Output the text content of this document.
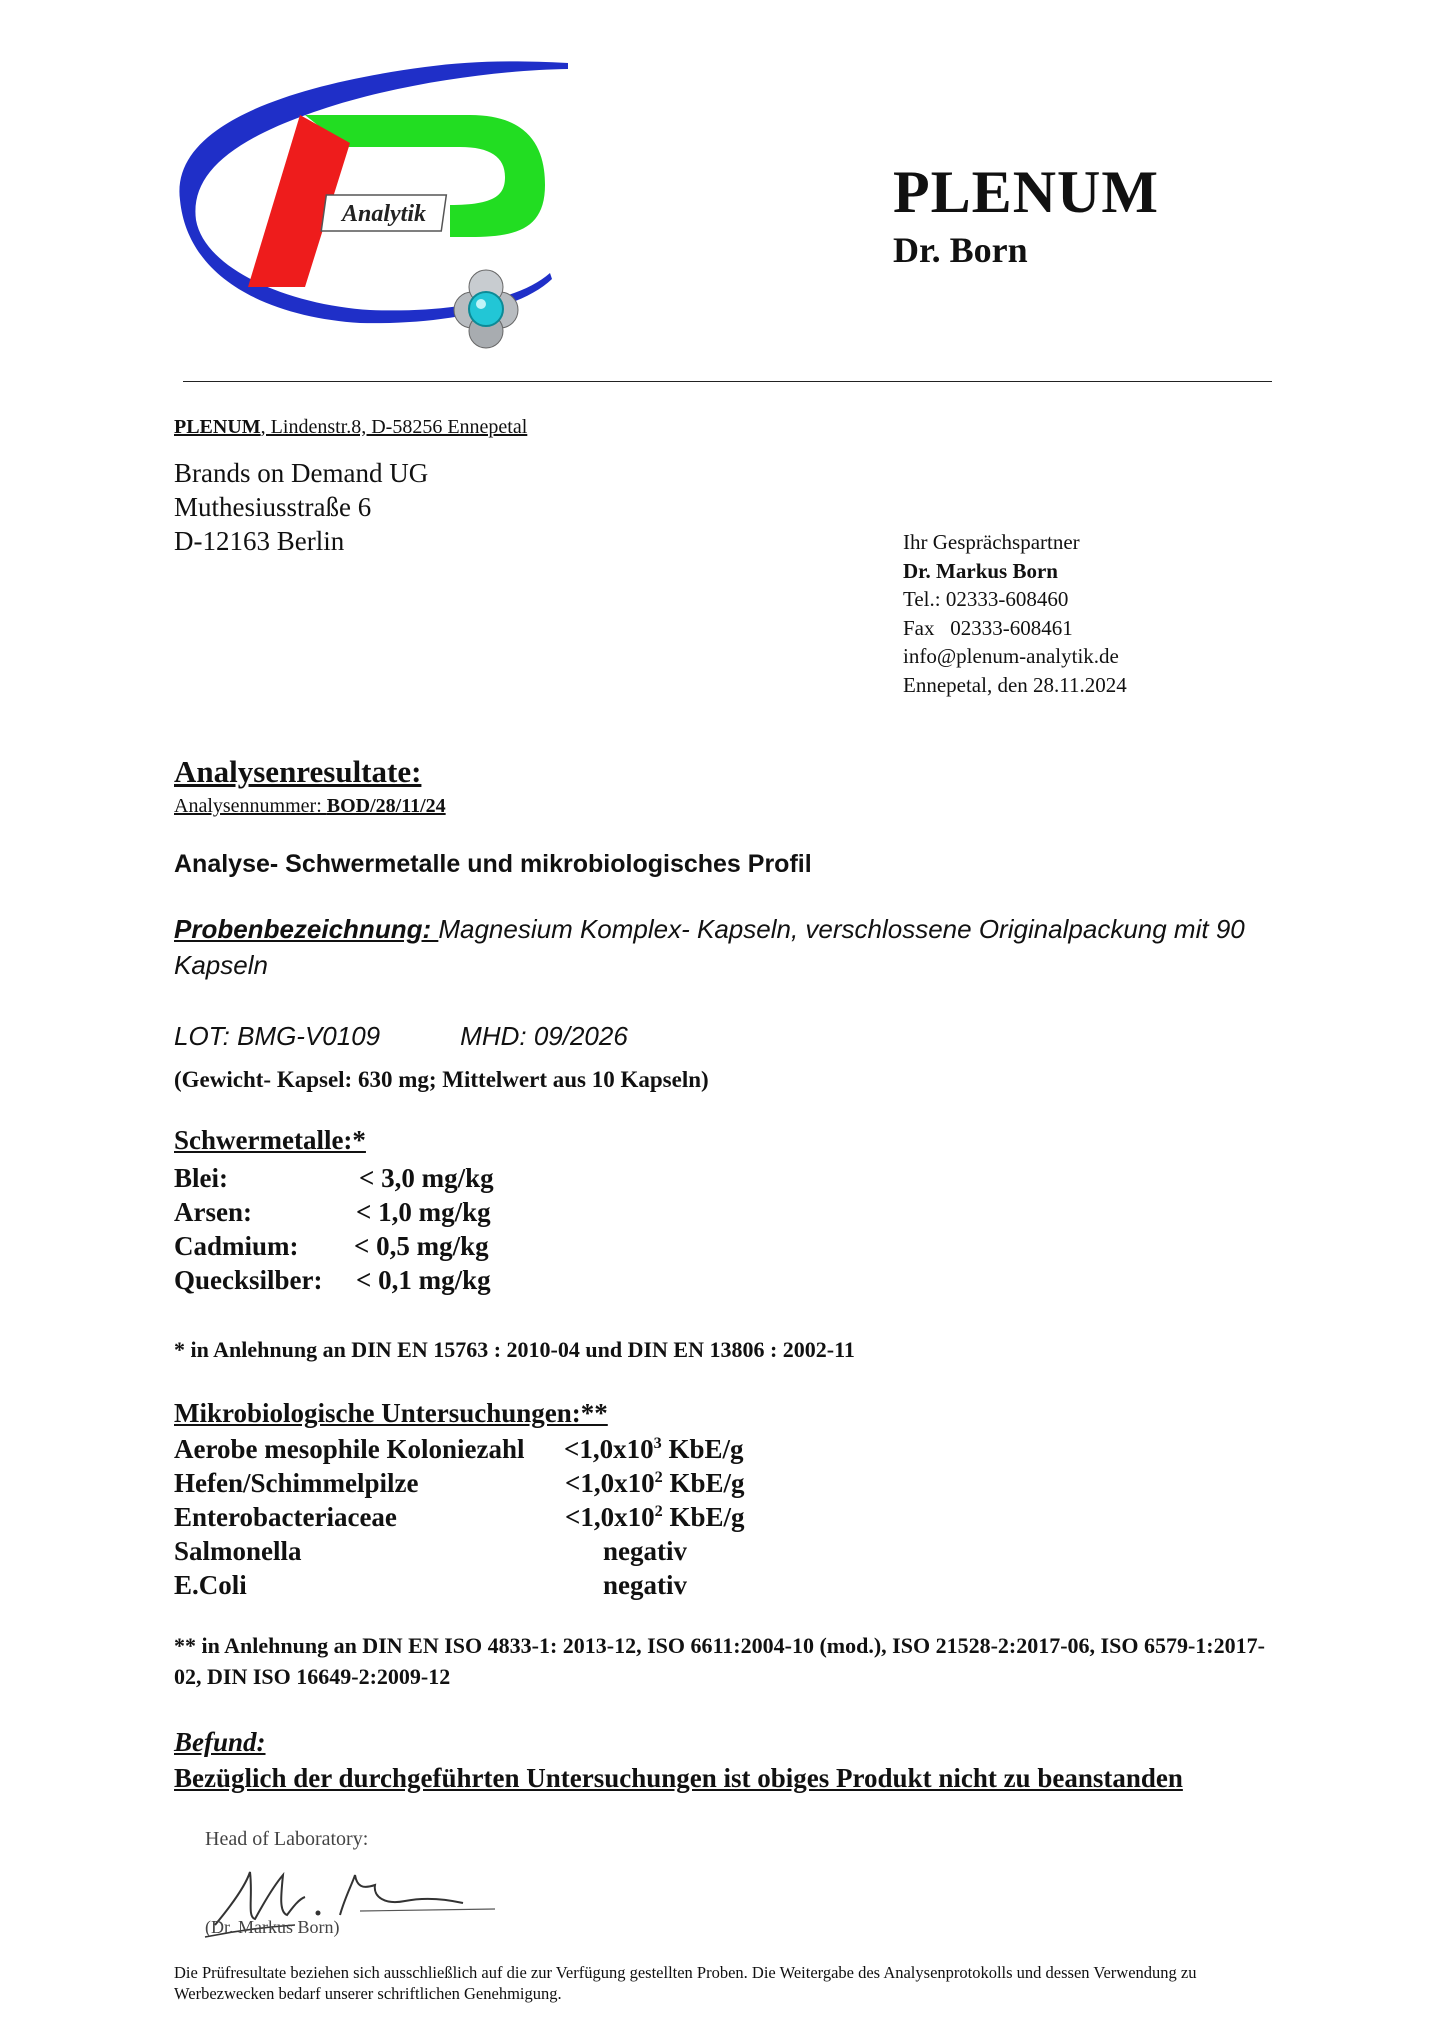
Analytik	PLENUM
Dr. Born
PLENUM, Lindenstr.8, D-58256 Ennepetal
Brands on Demand UG
Muthesiusstraße 6
D-12163 Berlin	Ihr Gesprächspartner
Dr. Markus Born
Tel.: 02333-608460
Fax   02333-608461
info@plenum-analytik.de
Ennepetal, den 28.11.2024
Analysenresultate:
Analysennummer: BOD/28/11/24
Analyse- Schwermetalle und mikrobiologisches Profil
Probenbezeichnung: Magnesium Komplex- Kapseln, verschlossene Originalpackung mit 90 Kapseln
LOT: BMG-V0109	MHD: 09/2026
(Gewicht- Kapsel: 630 mg; Mittelwert aus 10 Kapseln)
Schwermetalle:*
Blei:	< 3,0 mg/kg
Arsen:	< 1,0 mg/kg
Cadmium: < 0,5 mg/kg
Quecksilber: < 0,1 mg/kg
* in Anlehnung an DIN EN 15763 : 2010-04 und DIN EN 13806 : 2002-11
Mikrobiologische Untersuchungen:**
Aerobe mesophile Koloniezahl $<1,0x10^3$ KbE/g
Hefen/Schimmelpilze	$<1,0x10^2$ KbE/g
Enterobacteriaceae	$<1,0x10^2$ KbE/g
Salmonella	negativ
E.Coli	negativ
** in Anlehnung an DIN EN ISO 4833-1: 2013-12, ISO 6611:2004-10 (mod.), ISO 21528-2:2017-06, ISO 6579-1:2017-02, DIN ISO 16649-2:2009-12
Befund:
Bezüglich der durchgeführten Untersuchungen ist obiges Produkt nicht zu beanstanden
Head of Laboratory:
(Dr. Markus Born)
Die Prüfresultate beziehen sich ausschließlich auf die zur Verfügung gestellten Proben. Die Weitergabe des Analysenprotokolls und dessen Verwendung zu Werbezwecken bedarf unserer schriftlichen Genehmigung.
